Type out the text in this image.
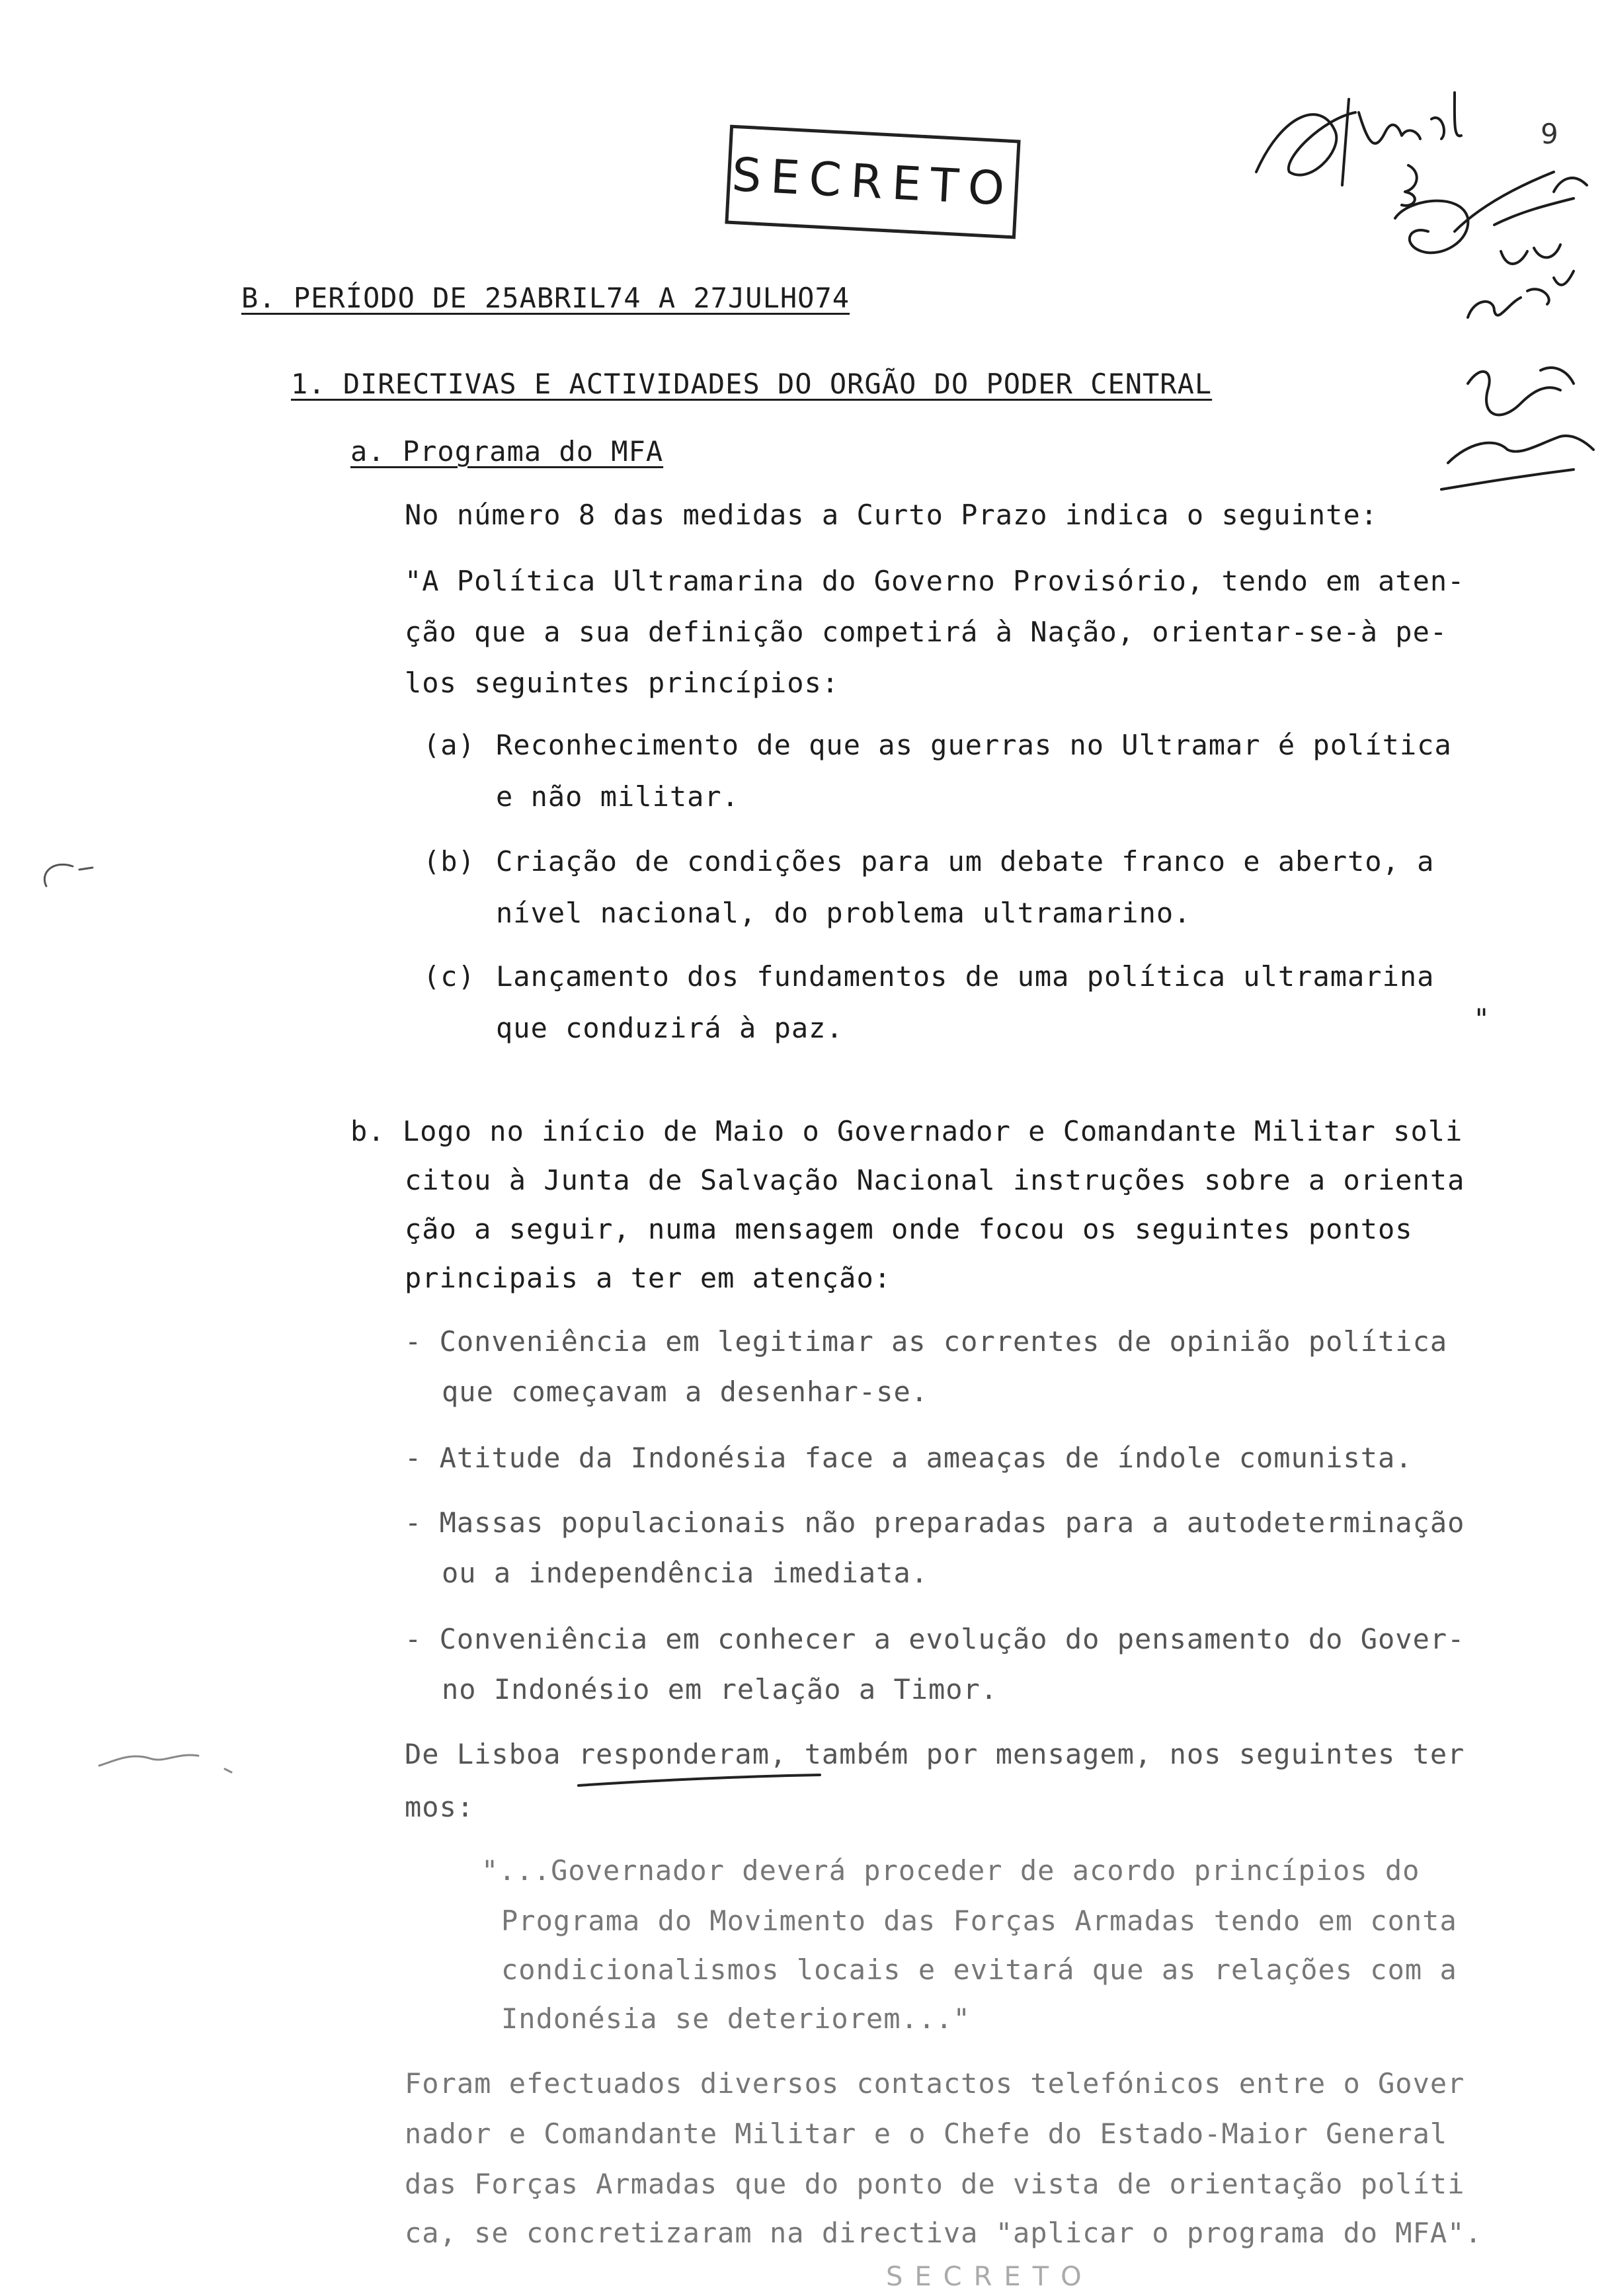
SECRETO
9
B. PERÍODO DE 25ABRIL74 A 27JULHO74
1. DIRECTIVAS E ACTIVIDADES DO ORGÃO DO PODER CENTRAL
a. Programa do MFA
No número 8 das medidas a Curto Prazo indica o seguinte:
"A Política Ultramarina do Governo Provisório, tendo em aten-
ção que a sua definição competirá à Nação, orientar-se-à pe-
los seguintes princípios:
(a) Reconhecimento de que as guerras no Ultramar é política
e não militar.
(b) Criação de condições para um debate franco e aberto, a
nível nacional, do problema ultramarino.
(c) Lançamento dos fundamentos de uma política ultramarina
que conduzirá à paz.	"
b. Logo no início de Maio o Governador e Comandante Militar soli
citou à Junta de Salvação Nacional instruções sobre a orienta
ção a seguir, numa mensagem onde focou os seguintes pontos
principais a ter em atenção:
- Conveniência em legitimar as correntes de opinião política
que começavam a desenhar-se.
- Atitude da Indonésia face a ameaças de índole comunista.
- Massas populacionais não preparadas para a autodeterminação
ou a independência imediata.
- Conveniência em conhecer a evolução do pensamento do Gover-
no Indonésio em relação a Timor.
De Lisboa responderam, também por mensagem, nos seguintes ter
mos:
"...Governador deverá proceder de acordo princípios do
Programa do Movimento das Forças Armadas tendo em conta
condicionalismos locais e evitará que as relações com a
Indonésia se deteriorem..."
Foram efectuados diversos contactos telefónicos entre o Gover
nador e Comandante Militar e o Chefe do Estado-Maior General
das Forças Armadas que do ponto de vista de orientação políti
ca, se concretizaram na directiva "aplicar o programa do MFA".
SECRETO
